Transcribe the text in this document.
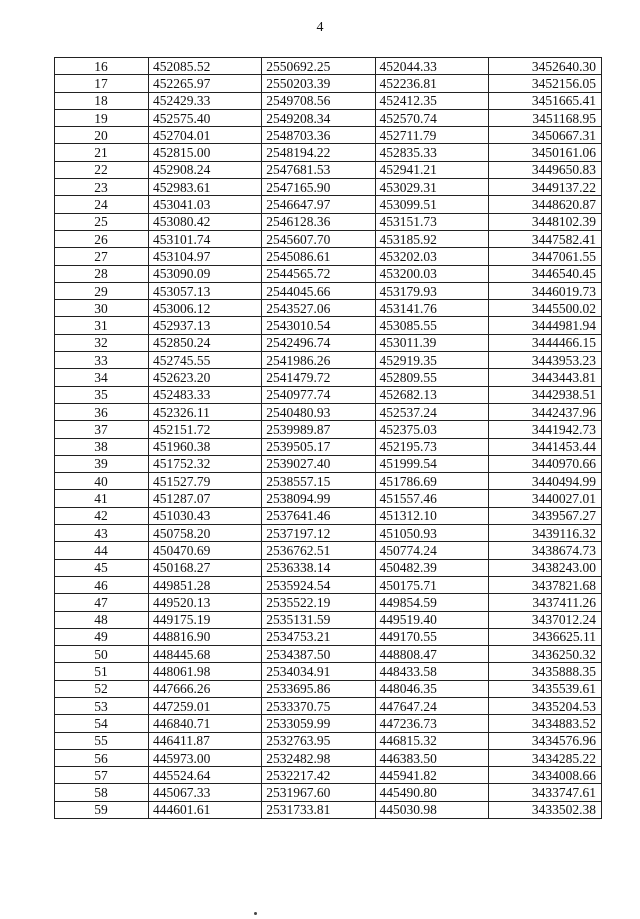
4
16	452085.52	2550692.25	452044.33	3452640.30
17	452265.97	2550203.39	452236.81	3452156.05
18	452429.33	2549708.56	452412.35	3451665.41
19	452575.40	2549208.34	452570.74	3451168.95
20	452704.01	2548703.36	452711.79	3450667.31
21	452815.00	2548194.22	452835.33	3450161.06
22	452908.24	2547681.53	452941.21	3449650.83
23	452983.61	2547165.90	453029.31	3449137.22
24	453041.03	2546647.97	453099.51	3448620.87
25	453080.42	2546128.36	453151.73	3448102.39
26	453101.74	2545607.70	453185.92	3447582.41
27	453104.97	2545086.61	453202.03	3447061.55
28	453090.09	2544565.72	453200.03	3446540.45
29	453057.13	2544045.66	453179.93	3446019.73
30	453006.12	2543527.06	453141.76	3445500.02
31	452937.13	2543010.54	453085.55	3444981.94
32	452850.24	2542496.74	453011.39	3444466.15
33	452745.55	2541986.26	452919.35	3443953.23
34	452623.20	2541479.72	452809.55	3443443.81
35	452483.33	2540977.74	452682.13	3442938.51
36	452326.11	2540480.93	452537.24	3442437.96
37	452151.72	2539989.87	452375.03	3441942.73
38	451960.38	2539505.17	452195.73	3441453.44
39	451752.32	2539027.40	451999.54	3440970.66
40	451527.79	2538557.15	451786.69	3440494.99
41	451287.07	2538094.99	451557.46	3440027.01
42	451030.43	2537641.46	451312.10	3439567.27
43	450758.20	2537197.12	451050.93	3439116.32
44	450470.69	2536762.51	450774.24	3438674.73
45	450168.27	2536338.14	450482.39	3438243.00
46	449851.28	2535924.54	450175.71	3437821.68
47	449520.13	2535522.19	449854.59	3437411.26
48	449175.19	2535131.59	449519.40	3437012.24
49	448816.90	2534753.21	449170.55	3436625.11
50	448445.68	2534387.50	448808.47	3436250.32
51	448061.98	2534034.91	448433.58	3435888.35
52	447666.26	2533695.86	448046.35	3435539.61
53	447259.01	2533370.75	447647.24	3435204.53
54	446840.71	2533059.99	447236.73	3434883.52
55	446411.87	2532763.95	446815.32	3434576.96
56	445973.00	2532482.98	446383.50	3434285.22
57	445524.64	2532217.42	445941.82	3434008.66
58	445067.33	2531967.60	445490.80	3433747.61
59	444601.61	2531733.81	445030.98	3433502.38
